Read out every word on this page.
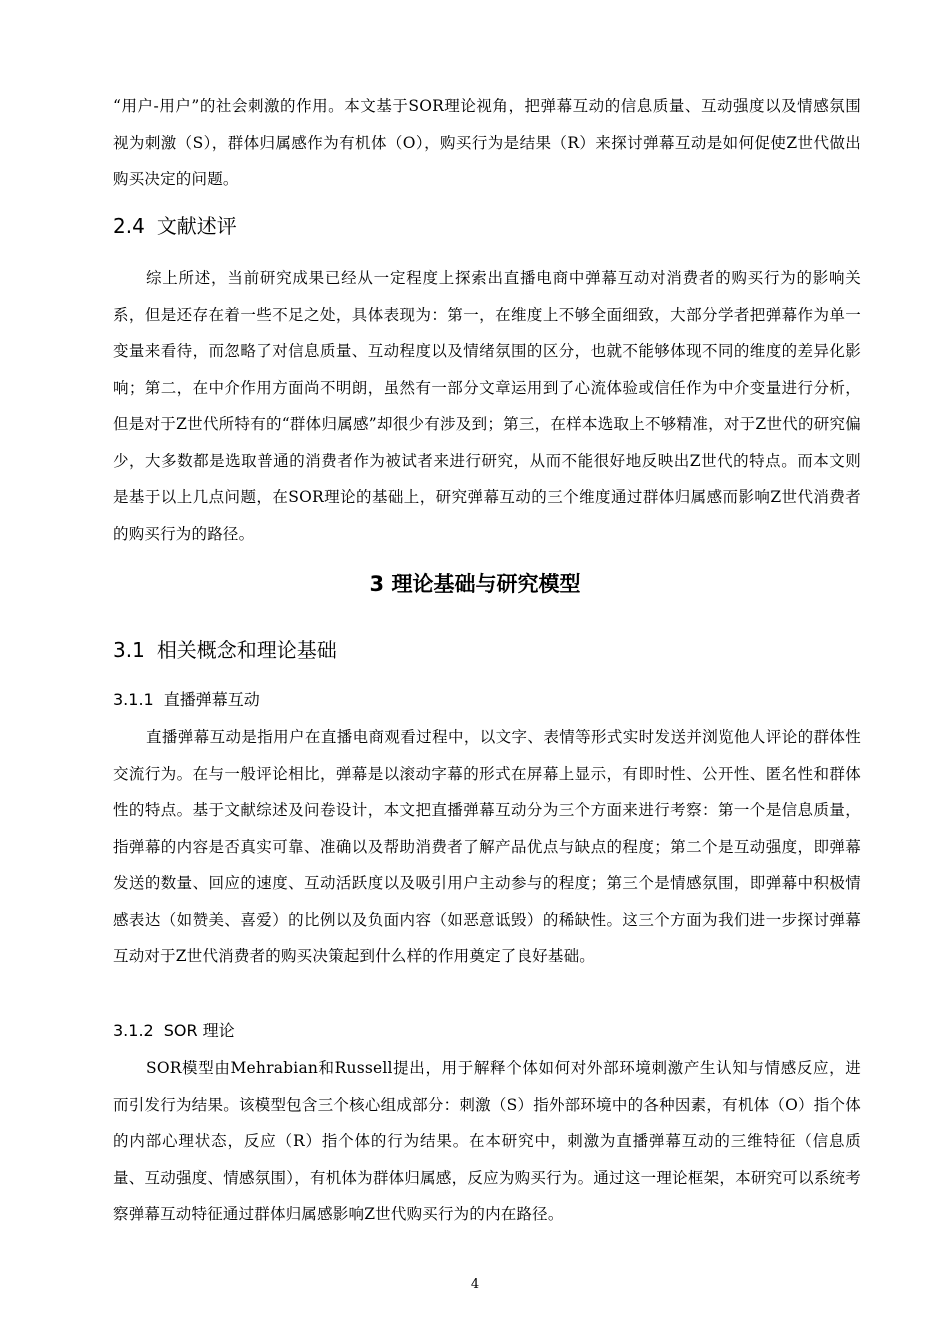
“用户-用户”的社会刺激的作用。本文基于SOR理论视角，把弹幕互动的信息质量、互动强度以及情感氛围视为刺激（S），群体归属感作为有机体（O），购买行为是结果（R）来探讨弹幕互动是如何促使Z世代做出购买决定的问题。
2.4 文献述评
综上所述，当前研究成果已经从一定程度上探索出直播电商中弹幕互动对消费者的购买行为的影响关系，但是还存在着一些不足之处，具体表现为：第一，在维度上不够全面细致，大部分学者把弹幕作为单一变量来看待，而忽略了对信息质量、互动程度以及情绪氛围的区分，也就不能够体现不同的维度的差异化影响；第二，在中介作用方面尚不明朗，虽然有一部分文章运用到了心流体验或信任作为中介变量进行分析，但是对于Z世代所特有的“群体归属感”却很少有涉及到；第三，在样本选取上不够精准，对于Z世代的研究偏少，大多数都是选取普通的消费者作为被试者来进行研究，从而不能很好地反映出Z世代的特点。而本文则是基于以上几点问题，在SOR理论的基础上，研究弹幕互动的三个维度通过群体归属感而影响Z世代消费者的购买行为的路径。
3 理论基础与研究模型
3.1 相关概念和理论基础
3.1.1 直播弹幕互动
直播弹幕互动是指用户在直播电商观看过程中，以文字、表情等形式实时发送并浏览他人评论的群体性交流行为。在与一般评论相比，弹幕是以滚动字幕的形式在屏幕上显示，有即时性、公开性、匿名性和群体性的特点。基于文献综述及问卷设计，本文把直播弹幕互动分为三个方面来进行考察：第一个是信息质量，指弹幕的内容是否真实可靠、准确以及帮助消费者了解产品优点与缺点的程度；第二个是互动强度，即弹幕发送的数量、回应的速度、互动活跃度以及吸引用户主动参与的程度；第三个是情感氛围，即弹幕中积极情感表达（如赞美、喜爱）的比例以及负面内容（如恶意诋毁）的稀缺性。这三个方面为我们进一步探讨弹幕互动对于Z世代消费者的购买决策起到什么样的作用奠定了良好基础。
3.1.2 SOR 理论
SOR模型由Mehrabian和Russell提出，用于解释个体如何对外部环境刺激产生认知与情感反应，进而引发行为结果。该模型包含三个核心组成部分：刺激（S）指外部环境中的各种因素，有机体（O）指个体的内部心理状态，反应（R）指个体的行为结果。在本研究中，刺激为直播弹幕互动的三维特征（信息质量、互动强度、情感氛围），有机体为群体归属感，反应为购买行为。通过这一理论框架，本研究可以系统考察弹幕互动特征通过群体归属感影响Z世代购买行为的内在路径。
4
